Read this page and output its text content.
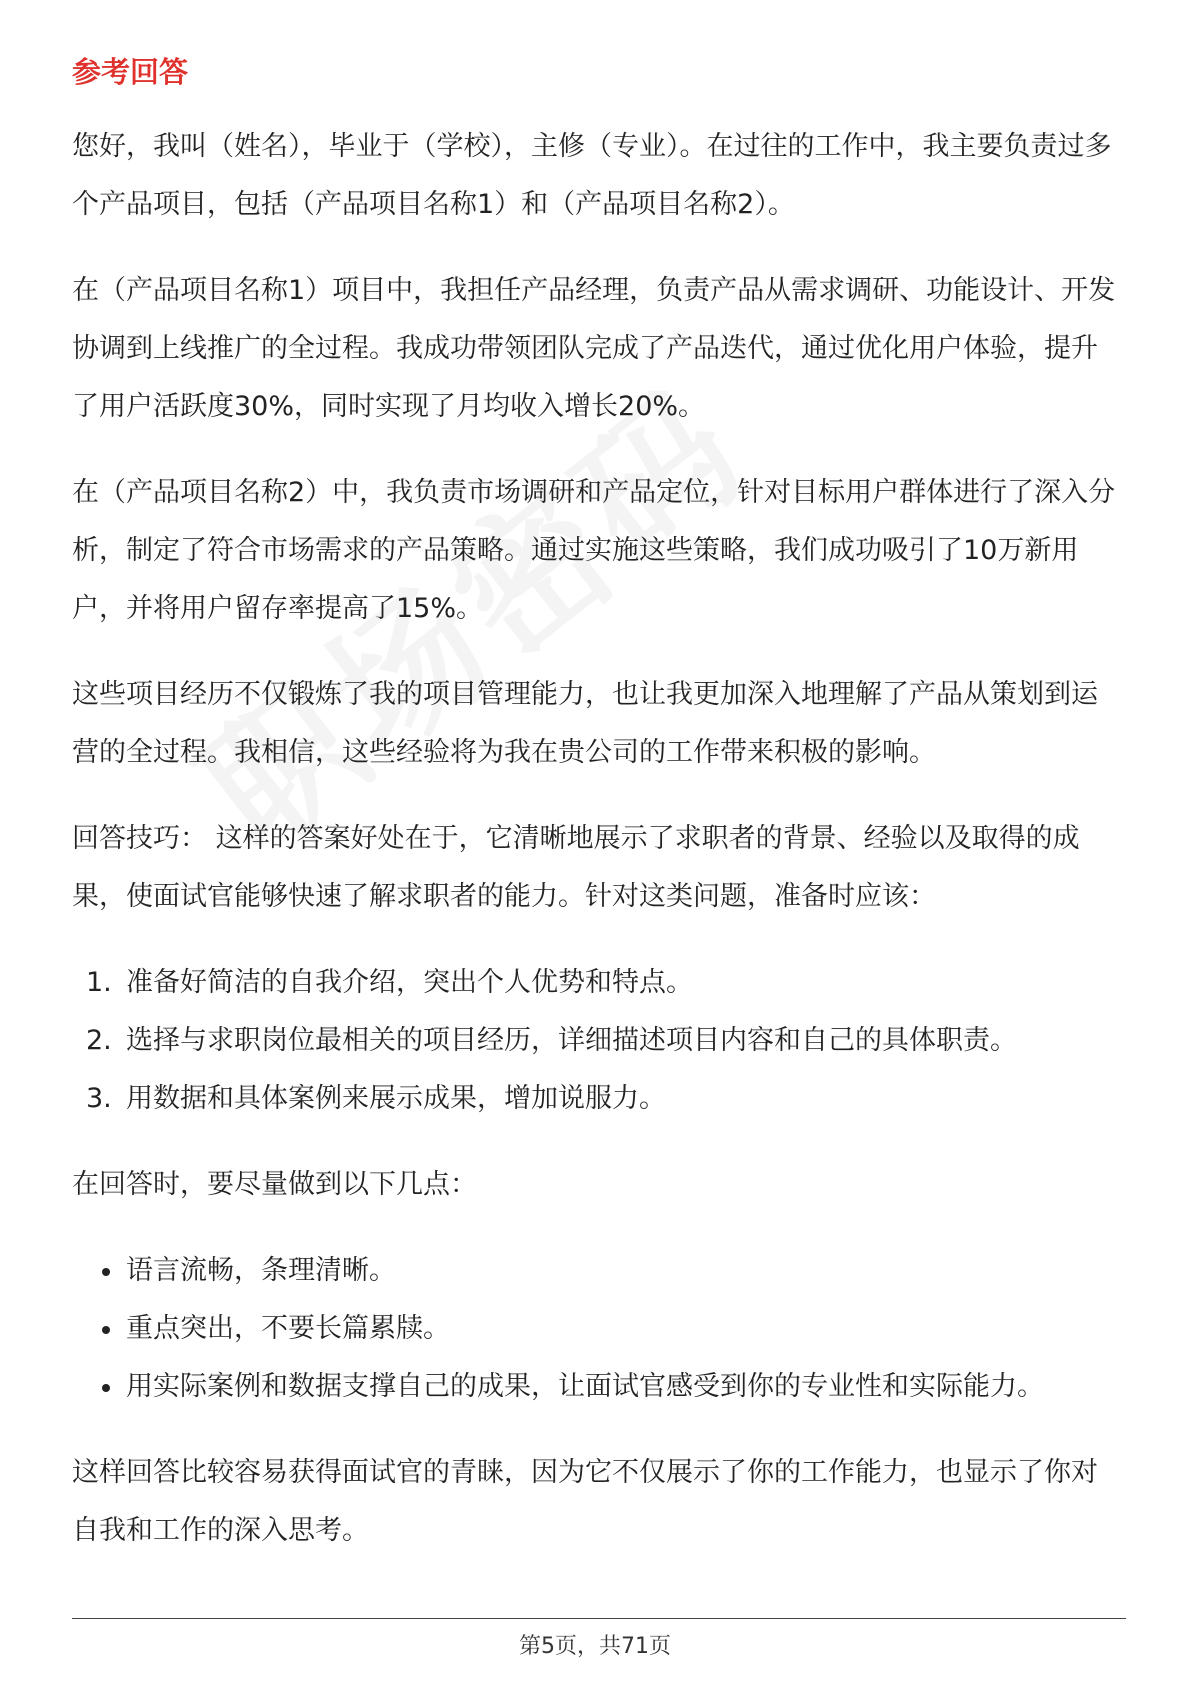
参考回答

您好，我叫（姓名），毕业于（学校），主修（专业）。在过往的工作中，我主要负责过多个产品项目，包括（产品项目名称1）和（产品项目名称2）。

在（产品项目名称1）项目中，我担任产品经理，负责产品从需求调研、功能设计、开发协调到上线推广的全过程。我成功带领团队完成了产品迭代，通过优化用户体验，提升了用户活跃度30%，同时实现了月均收入增长20%。

在（产品项目名称2）中，我负责市场调研和产品定位，针对目标用户群体进行了深入分析，制定了符合市场需求的产品策略。通过实施这些策略，我们成功吸引了10万新用户，并将用户留存率提高了15%。

这些项目经历不仅锻炼了我的项目管理能力，也让我更加深入地理解了产品从策划到运营的全过程。我相信，这些经验将为我在贵公司的工作带来积极的影响。

回答技巧： 这样的答案好处在于，它清晰地展示了求职者的背景、经验以及取得的成果，使面试官能够快速了解求职者的能力。针对这类问题，准备时应该：

1. 准备好简洁的自我介绍，突出个人优势和特点。
2. 选择与求职岗位最相关的项目经历，详细描述项目内容和自己的具体职责。
3. 用数据和具体案例来展示成果，增加说服力。

在回答时，要尽量做到以下几点：

语言流畅，条理清晰。
重点突出，不要长篇累牍。
用实际案例和数据支撑自己的成果，让面试官感受到你的专业性和实际能力。

这样回答比较容易获得面试官的青睐，因为它不仅展示了你的工作能力，也显示了你对自我和工作的深入思考。

第5页，共71页
